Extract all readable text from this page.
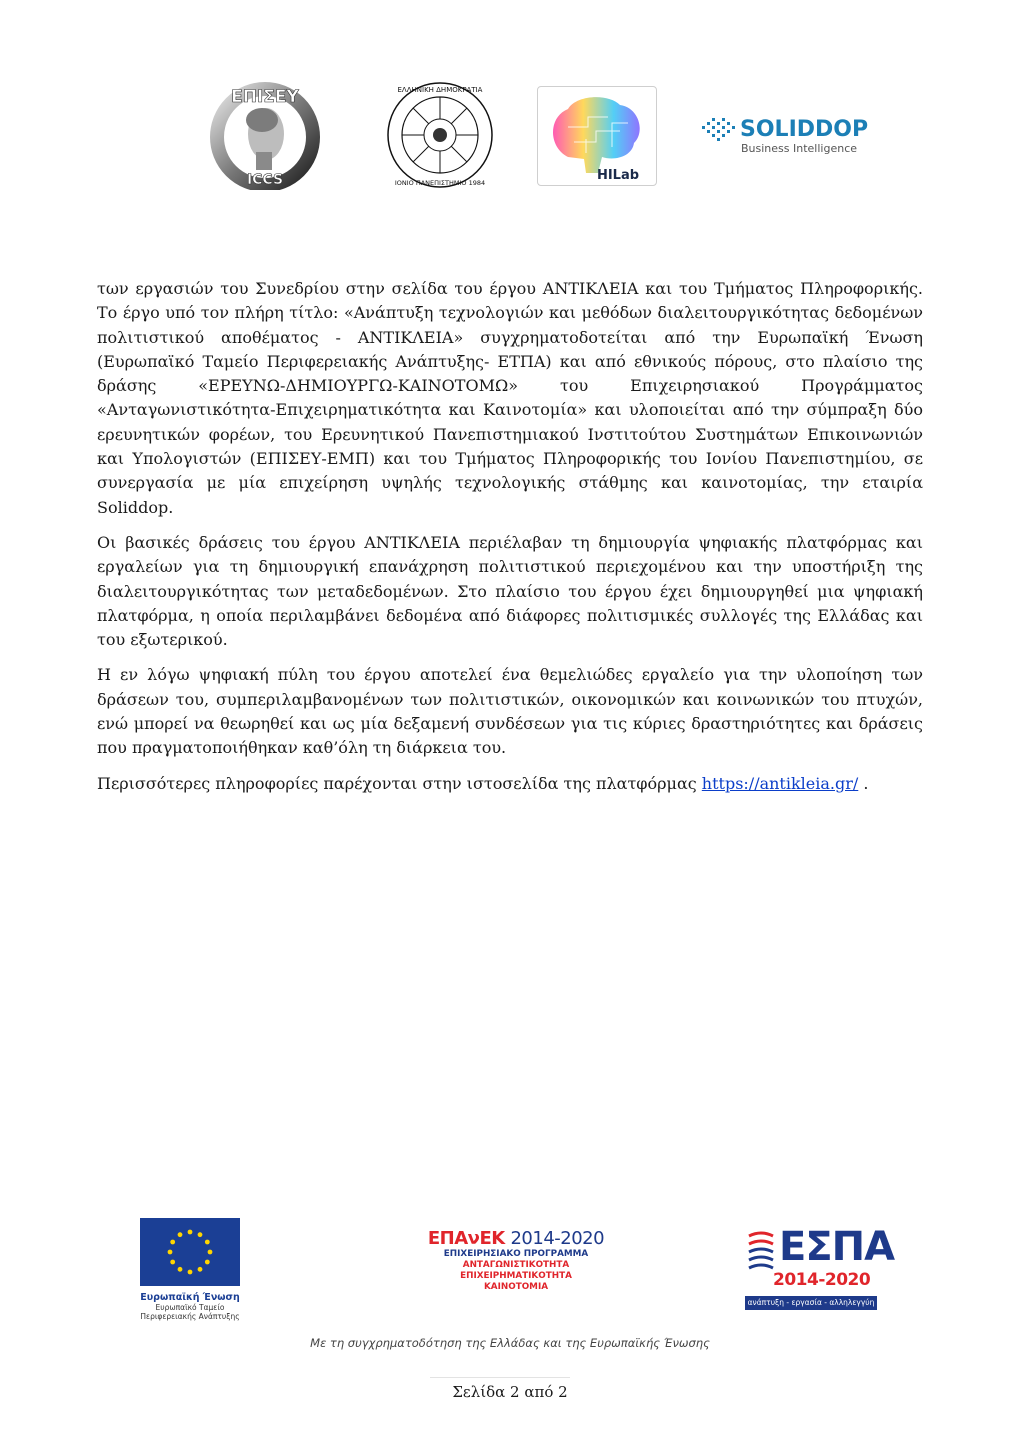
ΕΠΙΣΕΥ
ICCS
ΕΛΛΗΝΙΚΗ ΔΗΜΟΚΡΑΤΙΑ
ΙΟΝΙΟ ΠΑΝΕΠΙΣΤΗΜΙΟ 1984	HILab
SOLIDDOP
Business Intelligence

των εργασιών του Συνεδρίου στην σελίδα του έργου ΑΝΤΙΚΛΕΙΑ και του Τμήματος Πληροφορικής. Το έργο υπό τον πλήρη τίτλο: «Ανάπτυξη τεχνολογιών και μεθόδων διαλειτουργικότητας δεδομένων πολιτιστικού αποθέματος - ΑΝΤΙΚΛΕΙΑ» συγχρηματοδοτείται από την Ευρωπαϊκή Ένωση (Ευρωπαϊκό Ταμείο Περιφερειακής Ανάπτυξης- ΕΤΠΑ) και από εθνικούς πόρους, στο πλαίσιο της δράσης «ΕΡΕΥΝΩ-ΔΗΜΙΟΥΡΓΩ-ΚΑΙΝΟΤΟΜΩ» του Επιχειρησιακού Προγράμματος «Ανταγωνιστικότητα-Επιχειρηματικότητα και Καινοτομία» και υλοποιείται από την σύμπραξη δύο ερευνητικών φορέων, του Ερευνητικού Πανεπιστημιακού Ινστιτούτου Συστημάτων Επικοινωνιών και Υπολογιστών (ΕΠΙΣΕΥ-ΕΜΠ) και του Τμήματος Πληροφορικής του Ιονίου Πανεπιστημίου, σε συνεργασία με μία επιχείρηση υψηλής τεχνολογικής στάθμης και καινοτομίας, την εταιρία Soliddop.

Οι βασικές δράσεις του έργου ΑΝΤΙΚΛΕΙΑ περιέλαβαν τη δημιουργία ψηφιακής πλατφόρμας και εργαλείων για τη δημιουργική επανάχρηση πολιτιστικού περιεχομένου και την υποστήριξη της διαλειτουργικότητας των μεταδεδομένων. Στο πλαίσιο του έργου έχει δημιουργηθεί μια ψηφιακή πλατφόρμα, η οποία περιλαμβάνει δεδομένα από διάφορες πολιτισμικές συλλογές της Ελλάδας και του εξωτερικού.

Η εν λόγω ψηφιακή πύλη του έργου αποτελεί ένα θεμελιώδες εργαλείο για την υλοποίηση των δράσεων του, συμπεριλαμβανομένων των πολιτιστικών, οικονομικών και κοινωνικών του πτυχών, ενώ μπορεί να θεωρηθεί και ως μία δεξαμενή συνδέσεων για τις κύριες δραστηριότητες και δράσεις που πραγματοποιήθηκαν καθ’όλη τη διάρκεια του.

Περισσότερες πληροφορίες παρέχονται στην ιστοσελίδα της πλατφόρμας https://antikleia.gr/ .

Ευρωπαϊκή Ένωση
Ευρωπαϊκό Ταμείο
Περιφερειακής Ανάπτυξης
ΕΠΑνΕΚ 2014-2020
ΕΠΙΧΕΙΡΗΣΙΑΚΟ ΠΡΟΓΡΑΜΜΑ
ΑΝΤΑΓΩΝΙΣΤΙΚΟΤΗΤΑ
ΕΠΙΧΕΙΡΗΜΑΤΙΚΟΤΗΤΑ
ΚΑΙΝΟΤΟΜΙΑ
ΕΣΠΑ
2014-2020
ανάπτυξη - εργασία - αλληλεγγύη
Με τη συγχρηματοδότηση της Ελλάδας και της Ευρωπαϊκής Ένωσης
Σελίδα 2 από 2
